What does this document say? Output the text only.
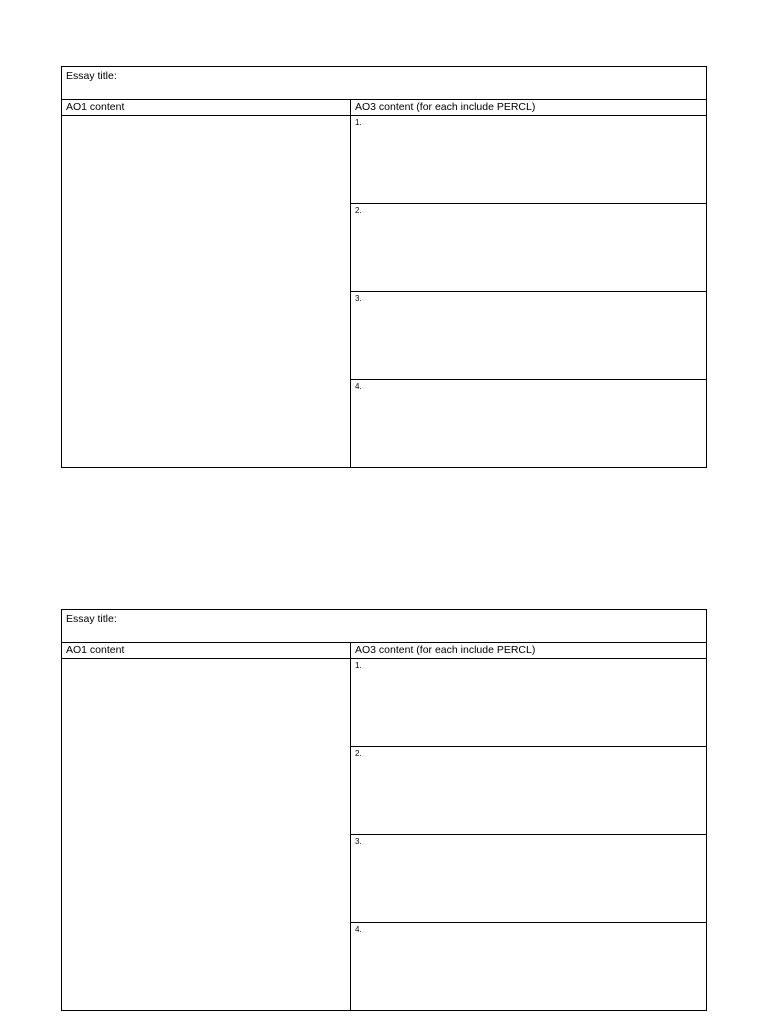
Essay title:	
AO1 content	AO3 content (for each include PERCL)
	1.
	2.
	3.
	4.
Essay title:	
AO1 content	AO3 content (for each include PERCL)
	1.
	2.
	3.
	4.
